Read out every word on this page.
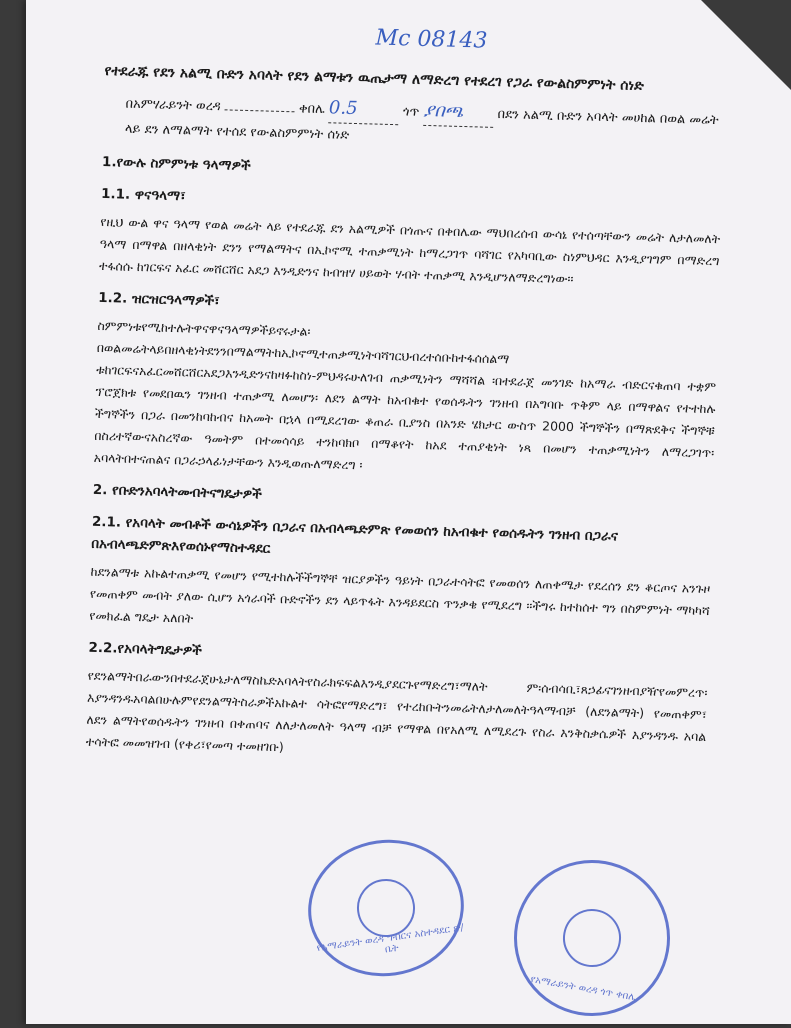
Mc 08143
የተደራጁ የደን አልሚ ቡድን አባላት የደን ልማቱን ዉጤታማ ለማድረግ የተደረገ የጋራ የውልስምምነት ሰነድ
በአምሃራይንት ወረዳ	ቀበሌ 0.5	ጎጥ ያበጫ	በደን አልሚ ቡድን አባላት መሀከል በወል መሬት ላይ ደን ለማልማት የተሰደ የውልስምምነት ሰነድ
1.የውሉ ስምምነቱ ዓላማዎች
1.1. ዋናዓላማ፣

የዚህ ውል ዋና ዓላማ የወል መሬት ላይ የተደራጁ ደን አልሚዎች በጎጡና በቀበሌው ማህበረሰብ ውሳኔ የተሰጣቸውን መሬት ለታለመለት ዓላማ በማዋል በዘላቂነት ደንን የማልማትና በኢኮኖሚ ተጠቃሚነት ከማረጋገጥ ባሻገር የአካባቢው ስነምህዳር እንዲያገግም በማድረግ ተፋሰሱ ከገርፍና አፈር መሸርሸር አደጋ እንዲድንና ከብዝሃ ሀይወት ሃብት ተጠቃሚ እንዲሆንለማድረግነው፡፡

1.2. ዝርዝርዓላማዎች፣

ስምምነቱየሚከተሉትዋናዋናዓላማዎችይኖሩታል፡ በወልመሬትላይበዘላቂነትደንንበማልማትከኢኮኖሚተጠቃሚነትባሻገርህብረተሰቡከተፋሰሰልማ ቱከገርፍናአፈርመሸርሸርአደጋእንዲድንናከዛፉከስነ-ምህዳሩሁለገብ ጠቃሚነትን ማሻሻል ፡በተደራጀ መንገድ ከአማራ ብድርናቁጠባ ተቋም ፕሮጀክቱ የመደበዉን ገንዘብ ተጠቃሚ ለመሆን፡ ለደን ልማት ከአብቁተ የወሰዱትን ገንዘብ በአግባቡ ጥቅም ላይ በማዋልና የተተከሉ ችግኞችን በጋራ በመንከባከብና ከአመት በኋላ በሚደረገው ቆጠራ ቢያንስ በአንድ ሄክታር ውስጥ 2000 ችግኞችን በማጽደቅና ችግኞቹ በስሪተኛውናአስረኛው ዓመትም በተመሳሳይ ተንከባክቦ በማቆየት ከአደ ተጠያቂነት ነጻ በመሆን ተጠቃሚነትን ለማረጋገጥ፡ አባላትበተናጠልና በጋራኃላፊነታቸውን እንዲወጡለማድረግ ፡

2. የቡድንአባላትመብትናግዴታዎች
2.1. የአባላት መብቶች ውሳኔዎችን በጋራና በአብላጫድምጽ የመወሰን ከአብቁተ የወሰዱትን ገንዘብ በጋራና በአብላጫድምጽእየወሰኑየማስተዳደር

ከደንልማቱ አኩልተጠቃሚ የመሆን የሚተከሉችችግኞቸ ዝርያዎችን ዓይነት በጋራተሳትፎ የመወሰን ለጠቀሜታ የደረሰን ደን ቆርጦና አንጉዞ የመጠቀም መብት ያለው ሲሆን አጎራባች ቡድኖችን ደን ላይጥፋት እንዳይደርስ ጥንቃቄ የሚደረግ ፡፡ችግሩ ከተከሰተ ግን በስምምነት ማካካሻ የመክፈል ግዴታ አለበት

2.2.የአባላትግዴታዎች

የደንልማትበራውንበተደራጀሁኔታለማስኬድአባላትየስራክፍፍልእንዲያደርጉየማድረግ፣ማለት ም፡ሰብሳቢ፣ጸኃፊናገንዘብያዥየመምረጥ፡እያንዳንዱአባልበሁሉምየደንልማትስራዎችአኩልተ ሳትፎየማድረግ፣ የተረከቡትንመሬትለታለመለትዓላማብቻ (ለደንልማት) የመጠቀም፣ ለደን ልማትየወሰዱትን ገንዘብ በቀጠባና ለለታለመለት ዓላማ ብቻ የማዋል በየአለሚ ለሚደረጉ የስራ እንቅስቃሴዎች እያንዳንዱ አባል ተሳትፎ መመዝገብ (የቀሪ፣የመጣ ተመዘገቡ)

የአማራይንት ወረዳ ግብርና አስተዳደር ጽ/ቤት
የአማራይንት ወረዳ ጎጥ ቀበሌ
